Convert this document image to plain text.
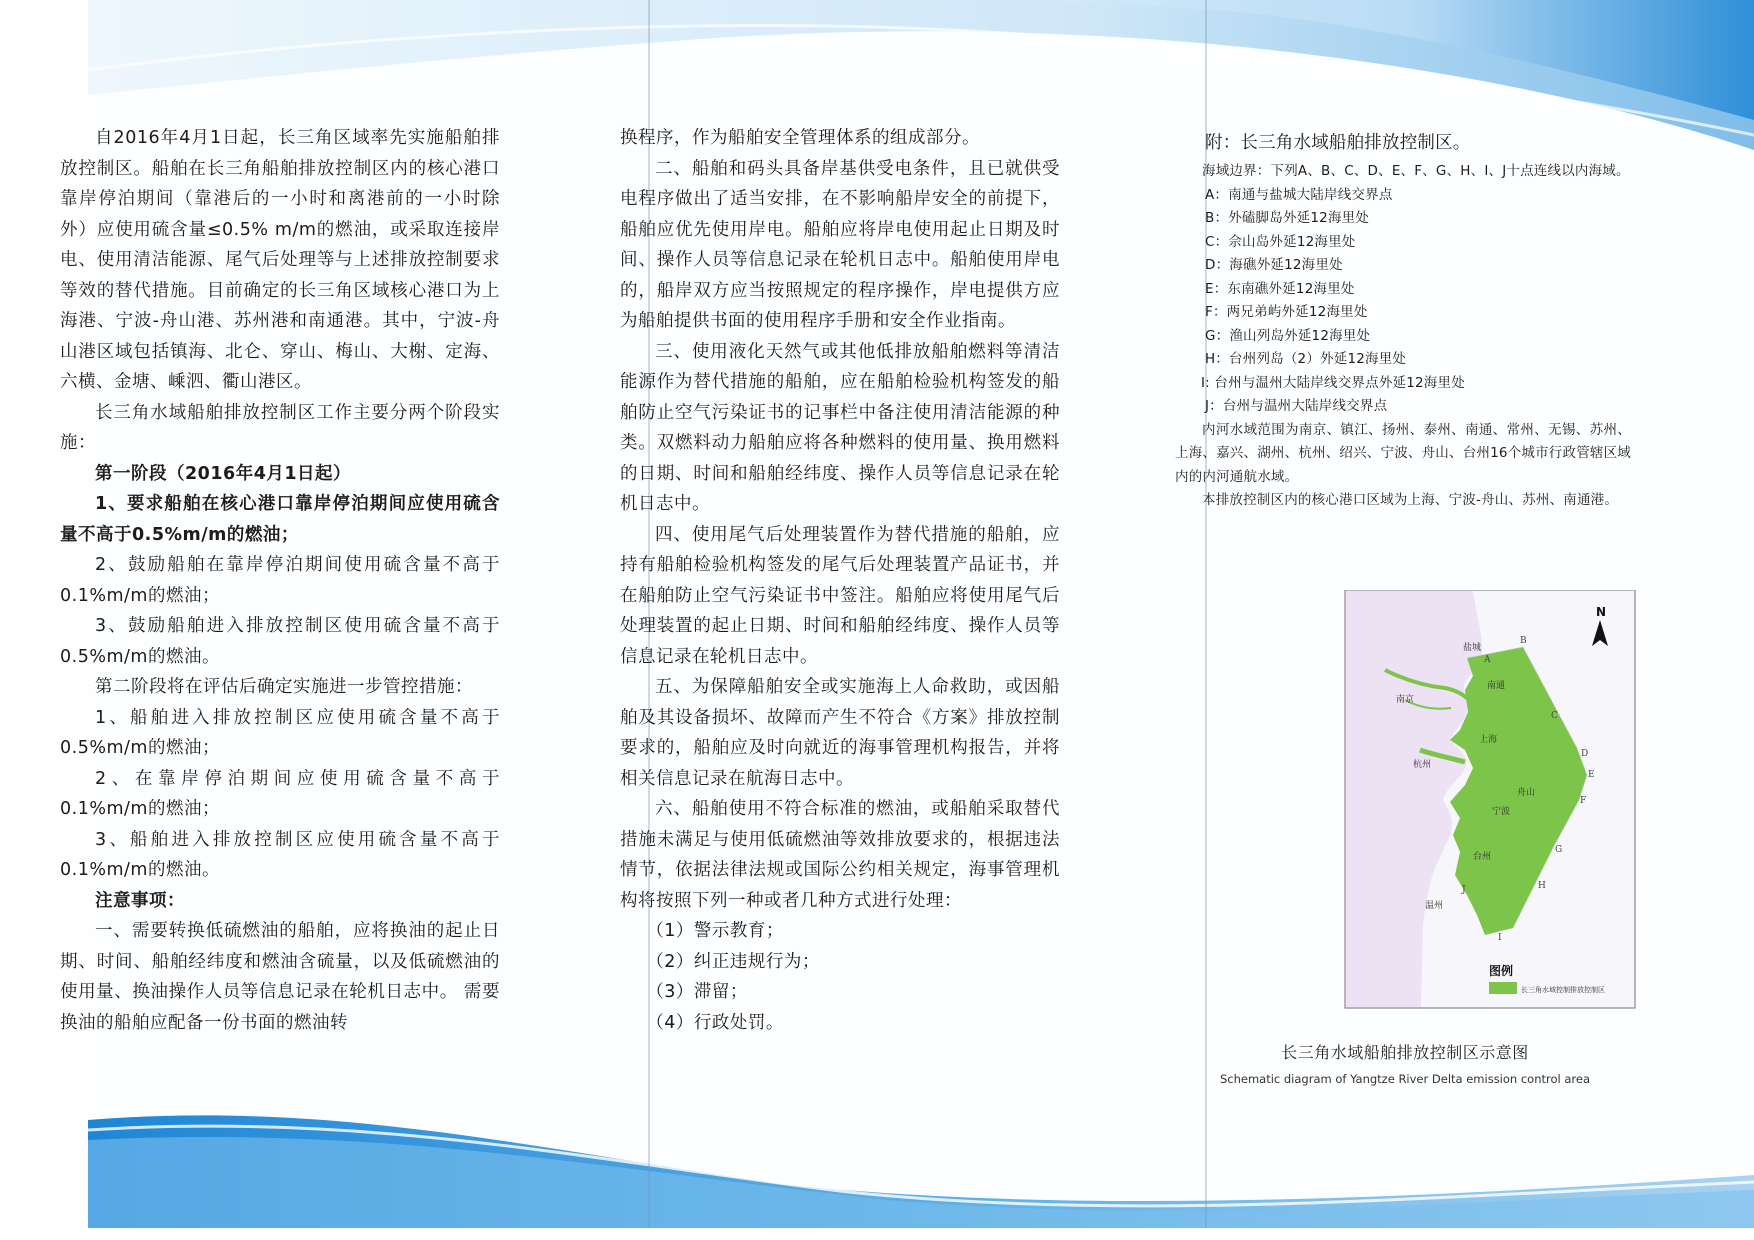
自2016年4月1日起，长三角区域率先实施船舶排放控制区。船舶在长三角船舶排放控制区内的核心港口靠岸停泊期间（靠港后的一小时和离港前的一小时除外）应使用硫含量≤0.5% m/m的燃油，或采取连接岸电、使用清洁能源、尾气后处理等与上述排放控制要求等效的替代措施。目前确定的长三角区域核心港口为上海港、宁波-舟山港、苏州港和南通港。其中，宁波-舟山港区域包括镇海、北仑、穿山、梅山、大榭、定海、六横、金塘、嵊泗、衢山港区。

长三角水域船舶排放控制区工作主要分两个阶段实施：

第一阶段（2016年4月1日起）

1、要求船舶在核心港口靠岸停泊期间应使用硫含量不高于0.5%m/m的燃油；

2、鼓励船舶在靠岸停泊期间使用硫含量不高于0.1%m/m的燃油；

3、鼓励船舶进入排放控制区使用硫含量不高于0.5%m/m的燃油。

第二阶段将在评估后确定实施进一步管控措施：

1、船舶进入排放控制区应使用硫含量不高于0.5%m/m的燃油；

2、在靠岸停泊期间应使用硫含量不高于0.1%m/m的燃油；

3、船舶进入排放控制区应使用硫含量不高于0.1%m/m的燃油。

注意事项：

一、需要转换低硫燃油的船舶，应将换油的起止日期、时间、船舶经纬度和燃油含硫量，以及低硫燃油的使用量、换油操作人员等信息记录在轮机日志中。 需要换油的船舶应配备一份书面的燃油转

换程序，作为船舶安全管理体系的组成部分。

二、船舶和码头具备岸基供受电条件，且已就供受电程序做出了适当安排，在不影响船岸安全的前提下，船舶应优先使用岸电。船舶应将岸电使用起止日期及时间、操作人员等信息记录在轮机日志中。船舶使用岸电的，船岸双方应当按照规定的程序操作，岸电提供方应为船舶提供书面的使用程序手册和安全作业指南。

三、使用液化天然气或其他低排放船舶燃料等清洁能源作为替代措施的船舶，应在船舶检验机构签发的船舶防止空气污染证书的记事栏中备注使用清洁能源的种类。双燃料动力船舶应将各种燃料的使用量、换用燃料的日期、时间和船舶经纬度、操作人员等信息记录在轮机日志中。

四、使用尾气后处理装置作为替代措施的船舶，应持有船舶检验机构签发的尾气后处理装置产品证书，并在船舶防止空气污染证书中签注。船舶应将使用尾气后处理装置的起止日期、时间和船舶经纬度、操作人员等信息记录在轮机日志中。

五、为保障船舶安全或实施海上人命救助，或因船舶及其设备损坏、故障而产生不符合《方案》排放控制要求的，船舶应及时向就近的海事管理机构报告，并将相关信息记录在航海日志中。

六、船舶使用不符合标准的燃油，或船舶采取替代措施未满足与使用低硫燃油等效排放要求的，根据违法情节，依据法律法规或国际公约相关规定，海事管理机构将按照下列一种或者几种方式进行处理：

（1）警示教育；

（2）纠正违规行为；

（3）滞留；

（4）行政处罚。

附：长三角水域船舶排放控制区。

海域边界：下列A、B、C、D、E、F、G、H、I、J十点连线以内海域。

A：南通与盐城大陆岸线交界点

B：外磕脚岛外延12海里处

C：佘山岛外延12海里处

D：海礁外延12海里处

E：东南礁外延12海里处

F：两兄弟屿外延12海里处

G：渔山列岛外延12海里处

H：台州列岛（2）外延12海里处

I: 台州与温州大陆岸线交界点外延12海里处

J：台州与温州大陆岸线交界点

内河水域范围为南京、镇江、扬州、泰州、南通、常州、无锡、苏州、上海、嘉兴、湖州、杭州、绍兴、宁波、舟山、台州16个城市行政管辖区域内的内河通航水域。

本排放控制区内的核心港口区域为上海、宁波-舟山、苏州、南通港。

盐城
南通
南京
上海
杭州
舟山
宁波
台州
温州
A
B
C
D
E
F
G
H
I
J
N
图例
长三角水域控制排放控制区
长三角水域船舶排放控制区示意图
Schematic diagram of Yangtze River Delta emission control area
